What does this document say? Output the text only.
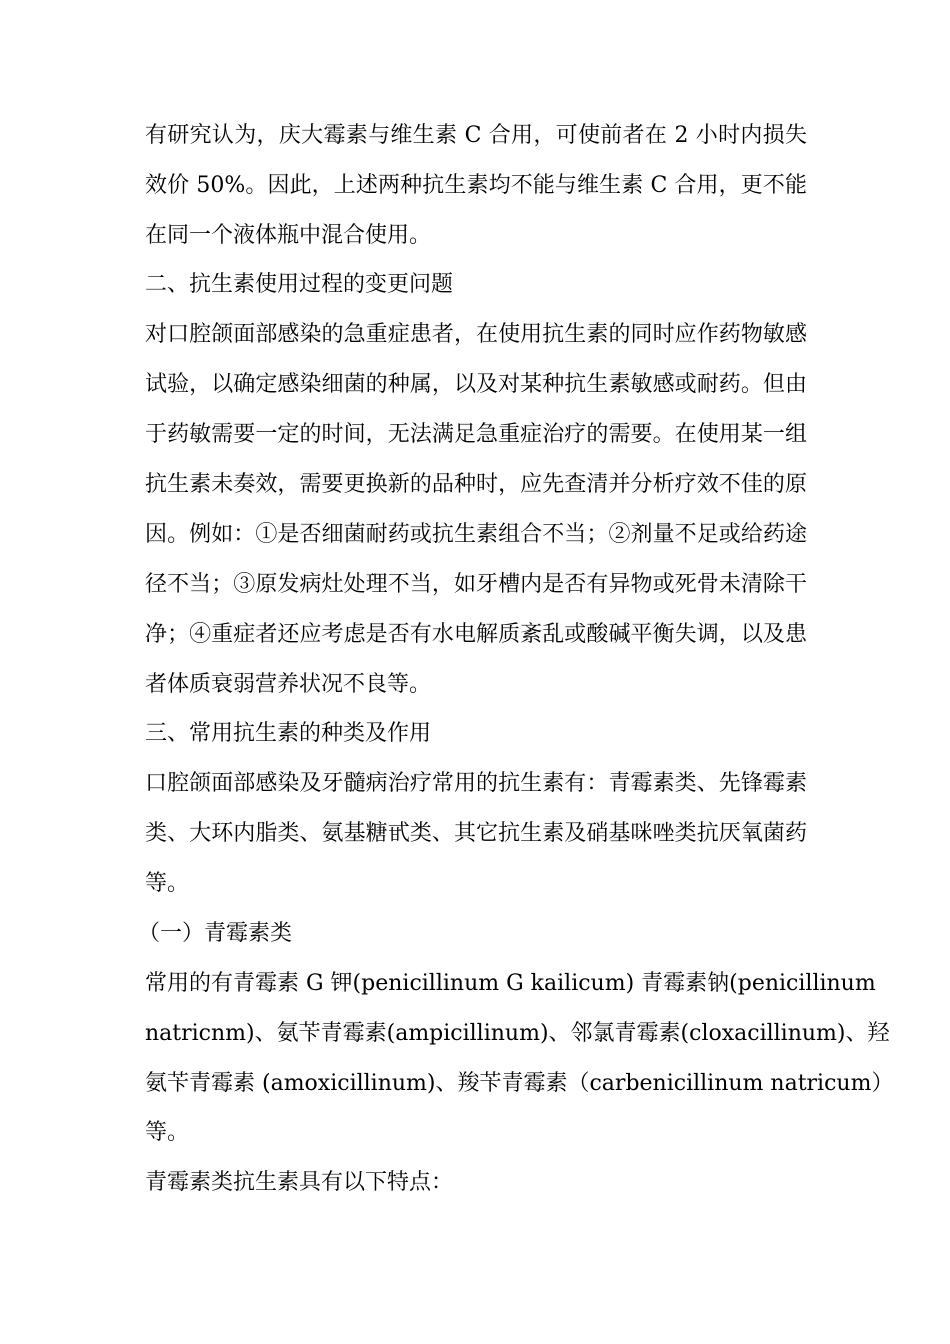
有研究认为，庆大霉素与维生素 C 合用，可使前者在 2 小时内损失
效价 50%。因此，上述两种抗生素均不能与维生素 C 合用，更不能
在同一个液体瓶中混合使用。
二、抗生素使用过程的变更问题
对口腔颌面部感染的急重症患者，在使用抗生素的同时应作药物敏感
试验，以确定感染细菌的种属，以及对某种抗生素敏感或耐药。但由
于药敏需要一定的时间，无法满足急重症治疗的需要。在使用某一组
抗生素未奏效，需要更换新的品种时，应先查清并分析疗效不佳的原
因。例如：①是否细菌耐药或抗生素组合不当；②剂量不足或给药途
径不当；③原发病灶处理不当，如牙槽内是否有异物或死骨未清除干
净；④重症者还应考虑是否有水电解质紊乱或酸碱平衡失调，以及患
者体质衰弱营养状况不良等。
三、常用抗生素的种类及作用
口腔颌面部感染及牙髓病治疗常用的抗生素有：青霉素类、先锋霉素
类、大环内脂类、氨基糖甙类、其它抗生素及硝基咪唑类抗厌氧菌药
等。
（一）青霉素类
常用的有青霉素 G 钾(penicillinum G kailicum) 青霉素钠(penicillinum
natricnm)、氨苄青霉素(ampicillinum)、邻氯青霉素(cloxacillinum)、羟
氨苄青霉素 (amoxicillinum)、羧苄青霉素（carbenicillinum natricum）
等。
青霉素类抗生素具有以下特点：
